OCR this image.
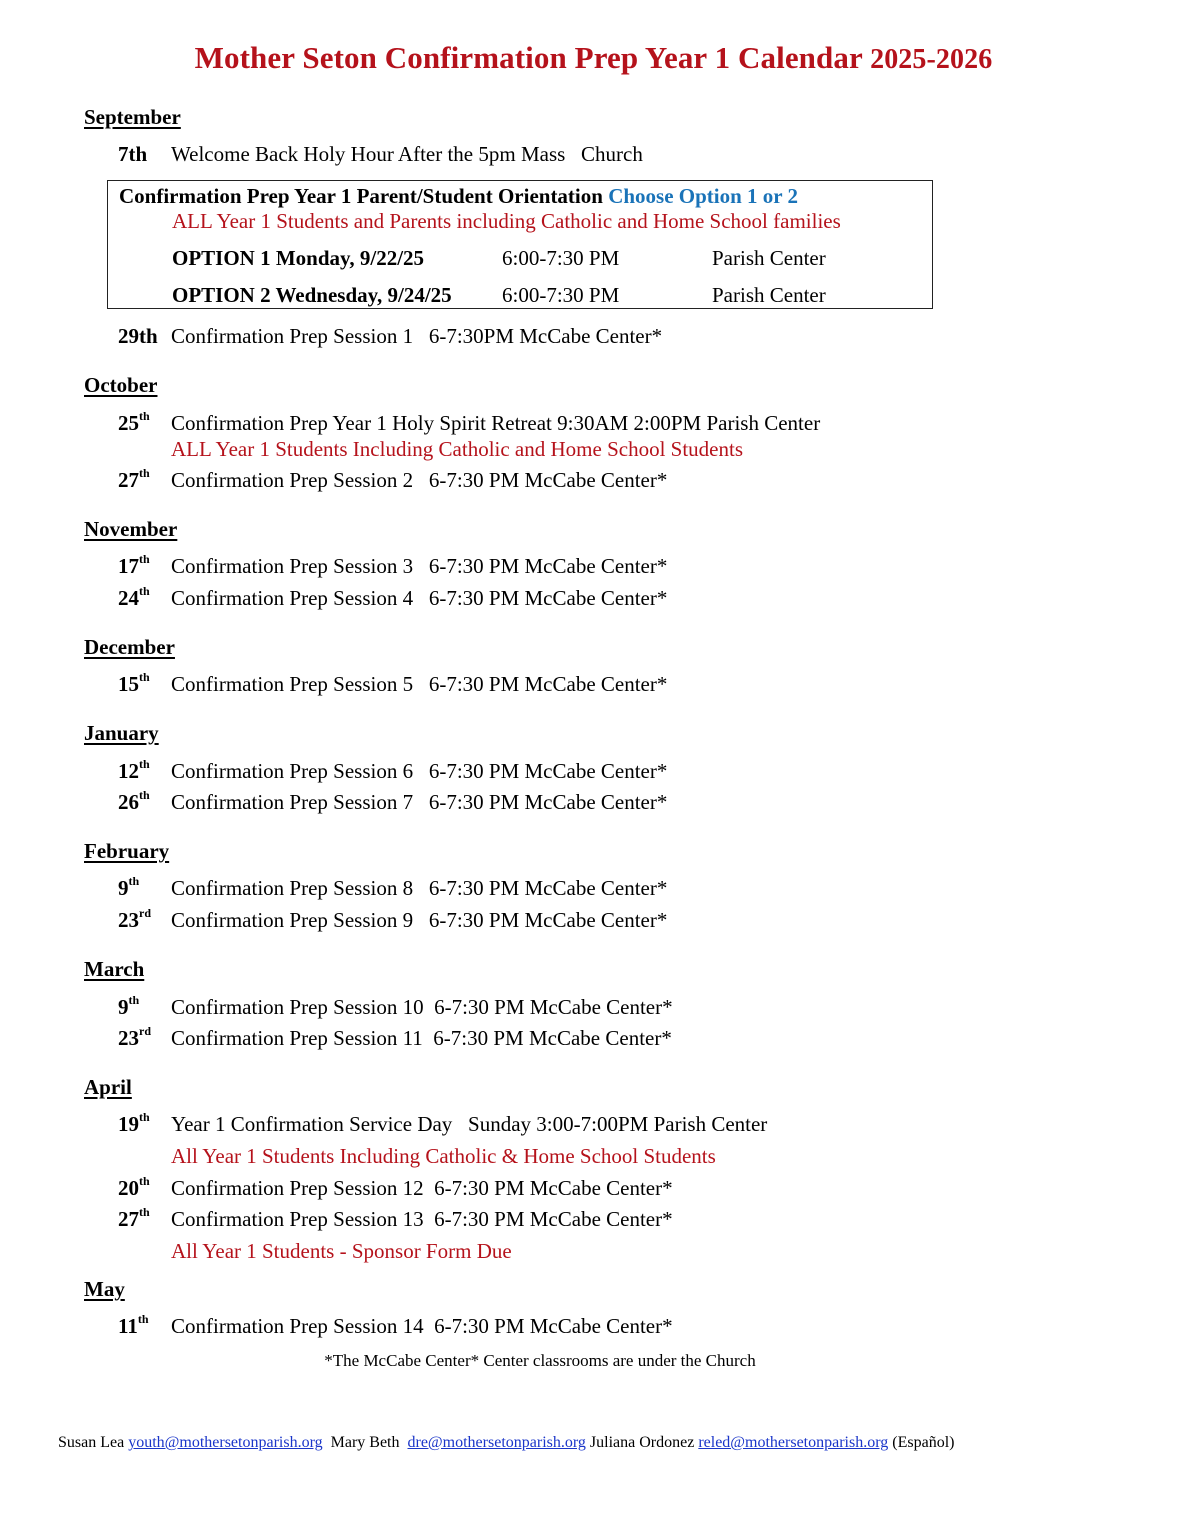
Mother Seton Confirmation Prep Year 1 Calendar 2025-2026
September
7th Welcome Back Holy Hour After the 5pm Mass   Church
Confirmation Prep Year 1 Parent/Student Orientation Choose Option 1 or 2
ALL Year 1 Students and Parents including Catholic and Home School families
OPTION 1 Monday, 9/22/25	6:00-7:30 PM	Parish Center
OPTION 2 Wednesday, 9/24/25 6:00-7:30 PM	Parish Center
29th Confirmation Prep Session 1   6-7:30PM McCabe Center*
October
25th Confirmation Prep Year 1 Holy Spirit Retreat 9:30AM 2:00PM Parish Center
ALL Year 1 Students Including Catholic and Home School Students
27th Confirmation Prep Session 2   6-7:30 PM McCabe Center*
November
17th Confirmation Prep Session 3   6-7:30 PM McCabe Center*
24th Confirmation Prep Session 4   6-7:30 PM McCabe Center*
December
15th Confirmation Prep Session 5   6-7:30 PM McCabe Center*
January
12th Confirmation Prep Session 6   6-7:30 PM McCabe Center*
26th Confirmation Prep Session 7   6-7:30 PM McCabe Center*
February
9th Confirmation Prep Session 8   6-7:30 PM McCabe Center*
23rd Confirmation Prep Session 9   6-7:30 PM McCabe Center*
March
9th Confirmation Prep Session 10  6-7:30 PM McCabe Center*
23rd Confirmation Prep Session 11  6-7:30 PM McCabe Center*
April
19th Year 1 Confirmation Service Day   Sunday 3:00-7:00PM Parish Center
All Year 1 Students Including Catholic & Home School Students
20th Confirmation Prep Session 12  6-7:30 PM McCabe Center*
27th Confirmation Prep Session 13  6-7:30 PM McCabe Center*
All Year 1 Students - Sponsor Form Due
May
11th Confirmation Prep Session 14  6-7:30 PM McCabe Center*
*The McCabe Center* Center classrooms are under the Church
Susan Lea youth@mothersetonparish.org Mary Beth dre@mothersetonparish.org Juliana Ordonez reled@mothersetonparish.org (Español)
